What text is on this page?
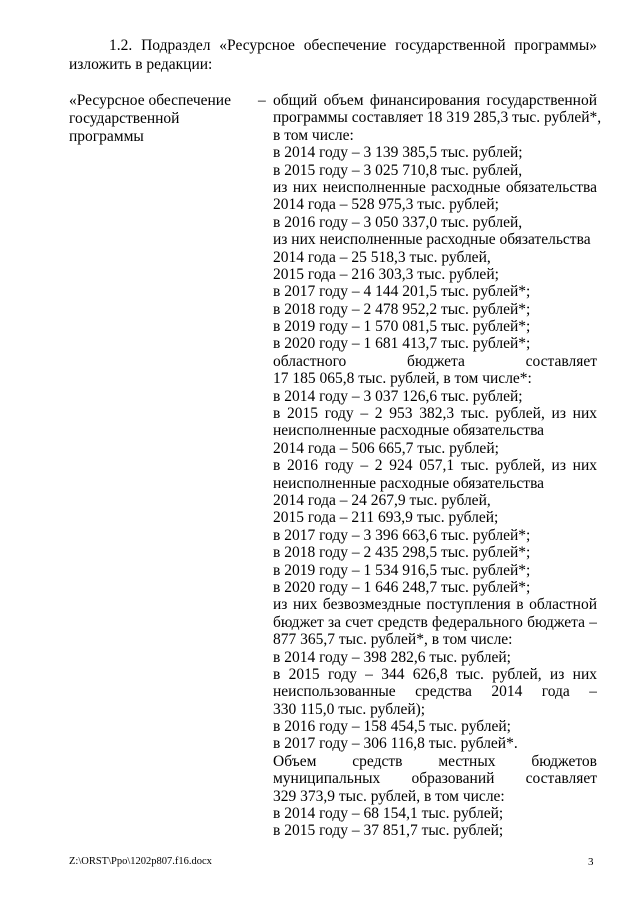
1.2. Подраздел «Ресурсное обеспечение государственной программы»
изложить в редакции:
«Ресурсное обеспечение
государственной
программы
– общий объем финансирования государственной
программы составляет 18 319 285,3 тыс. рублей*,
в том числе:
в 2014 году – 3 139 385,5 тыс. рублей;
в 2015 году – 3 025 710,8 тыс. рублей,
из них неисполненные расходные обязательства
2014 года – 528 975,3 тыс. рублей;
в 2016 году – 3 050 337,0 тыс. рублей,
из них неисполненные расходные обязательства
2014 года – 25 518,3 тыс. рублей,
2015 года – 216 303,3 тыс. рублей;
в 2017 году – 4 144 201,5 тыс. рублей*;
в 2018 году – 2 478 952,2 тыс. рублей*;
в 2019 году – 1 570 081,5 тыс. рублей*;
в 2020 году – 1 681 413,7 тыс. рублей*;
областного бюджета составляет
17 185 065,8 тыс. рублей, в том числе*:
в 2014 году – 3 037 126,6 тыс. рублей;
в 2015 году – 2 953 382,3 тыс. рублей, из них
неисполненные расходные обязательства
2014 года – 506 665,7 тыс. рублей;
в 2016 году – 2 924 057,1 тыс. рублей, из них
неисполненные расходные обязательства
2014 года – 24 267,9 тыс. рублей,
2015 года – 211 693,9 тыс. рублей;
в 2017 году – 3 396 663,6 тыс. рублей*;
в 2018 году – 2 435 298,5 тыс. рублей*;
в 2019 году – 1 534 916,5 тыс. рублей*;
в 2020 году – 1 646 248,7 тыс. рублей*;
из них безвозмездные поступления в областной
бюджет за счет средств федерального бюджета –
877 365,7 тыс. рублей*, в том числе:
в 2014 году – 398 282,6 тыс. рублей;
в 2015 году – 344 626,8 тыс. рублей, из них
неиспользованные средства 2014 года –
330 115,0 тыс. рублей);
в 2016 году – 158 454,5 тыс. рублей;
в 2017 году – 306 116,8 тыс. рублей*.
Объем средств местных бюджетов
муниципальных образований составляет
329 373,9 тыс. рублей, в том числе:
в 2014 году – 68 154,1 тыс. рублей;
в 2015 году – 37 851,7 тыс. рублей;
Z:\ORST\Ppo\1202p807.f16.docx	3
